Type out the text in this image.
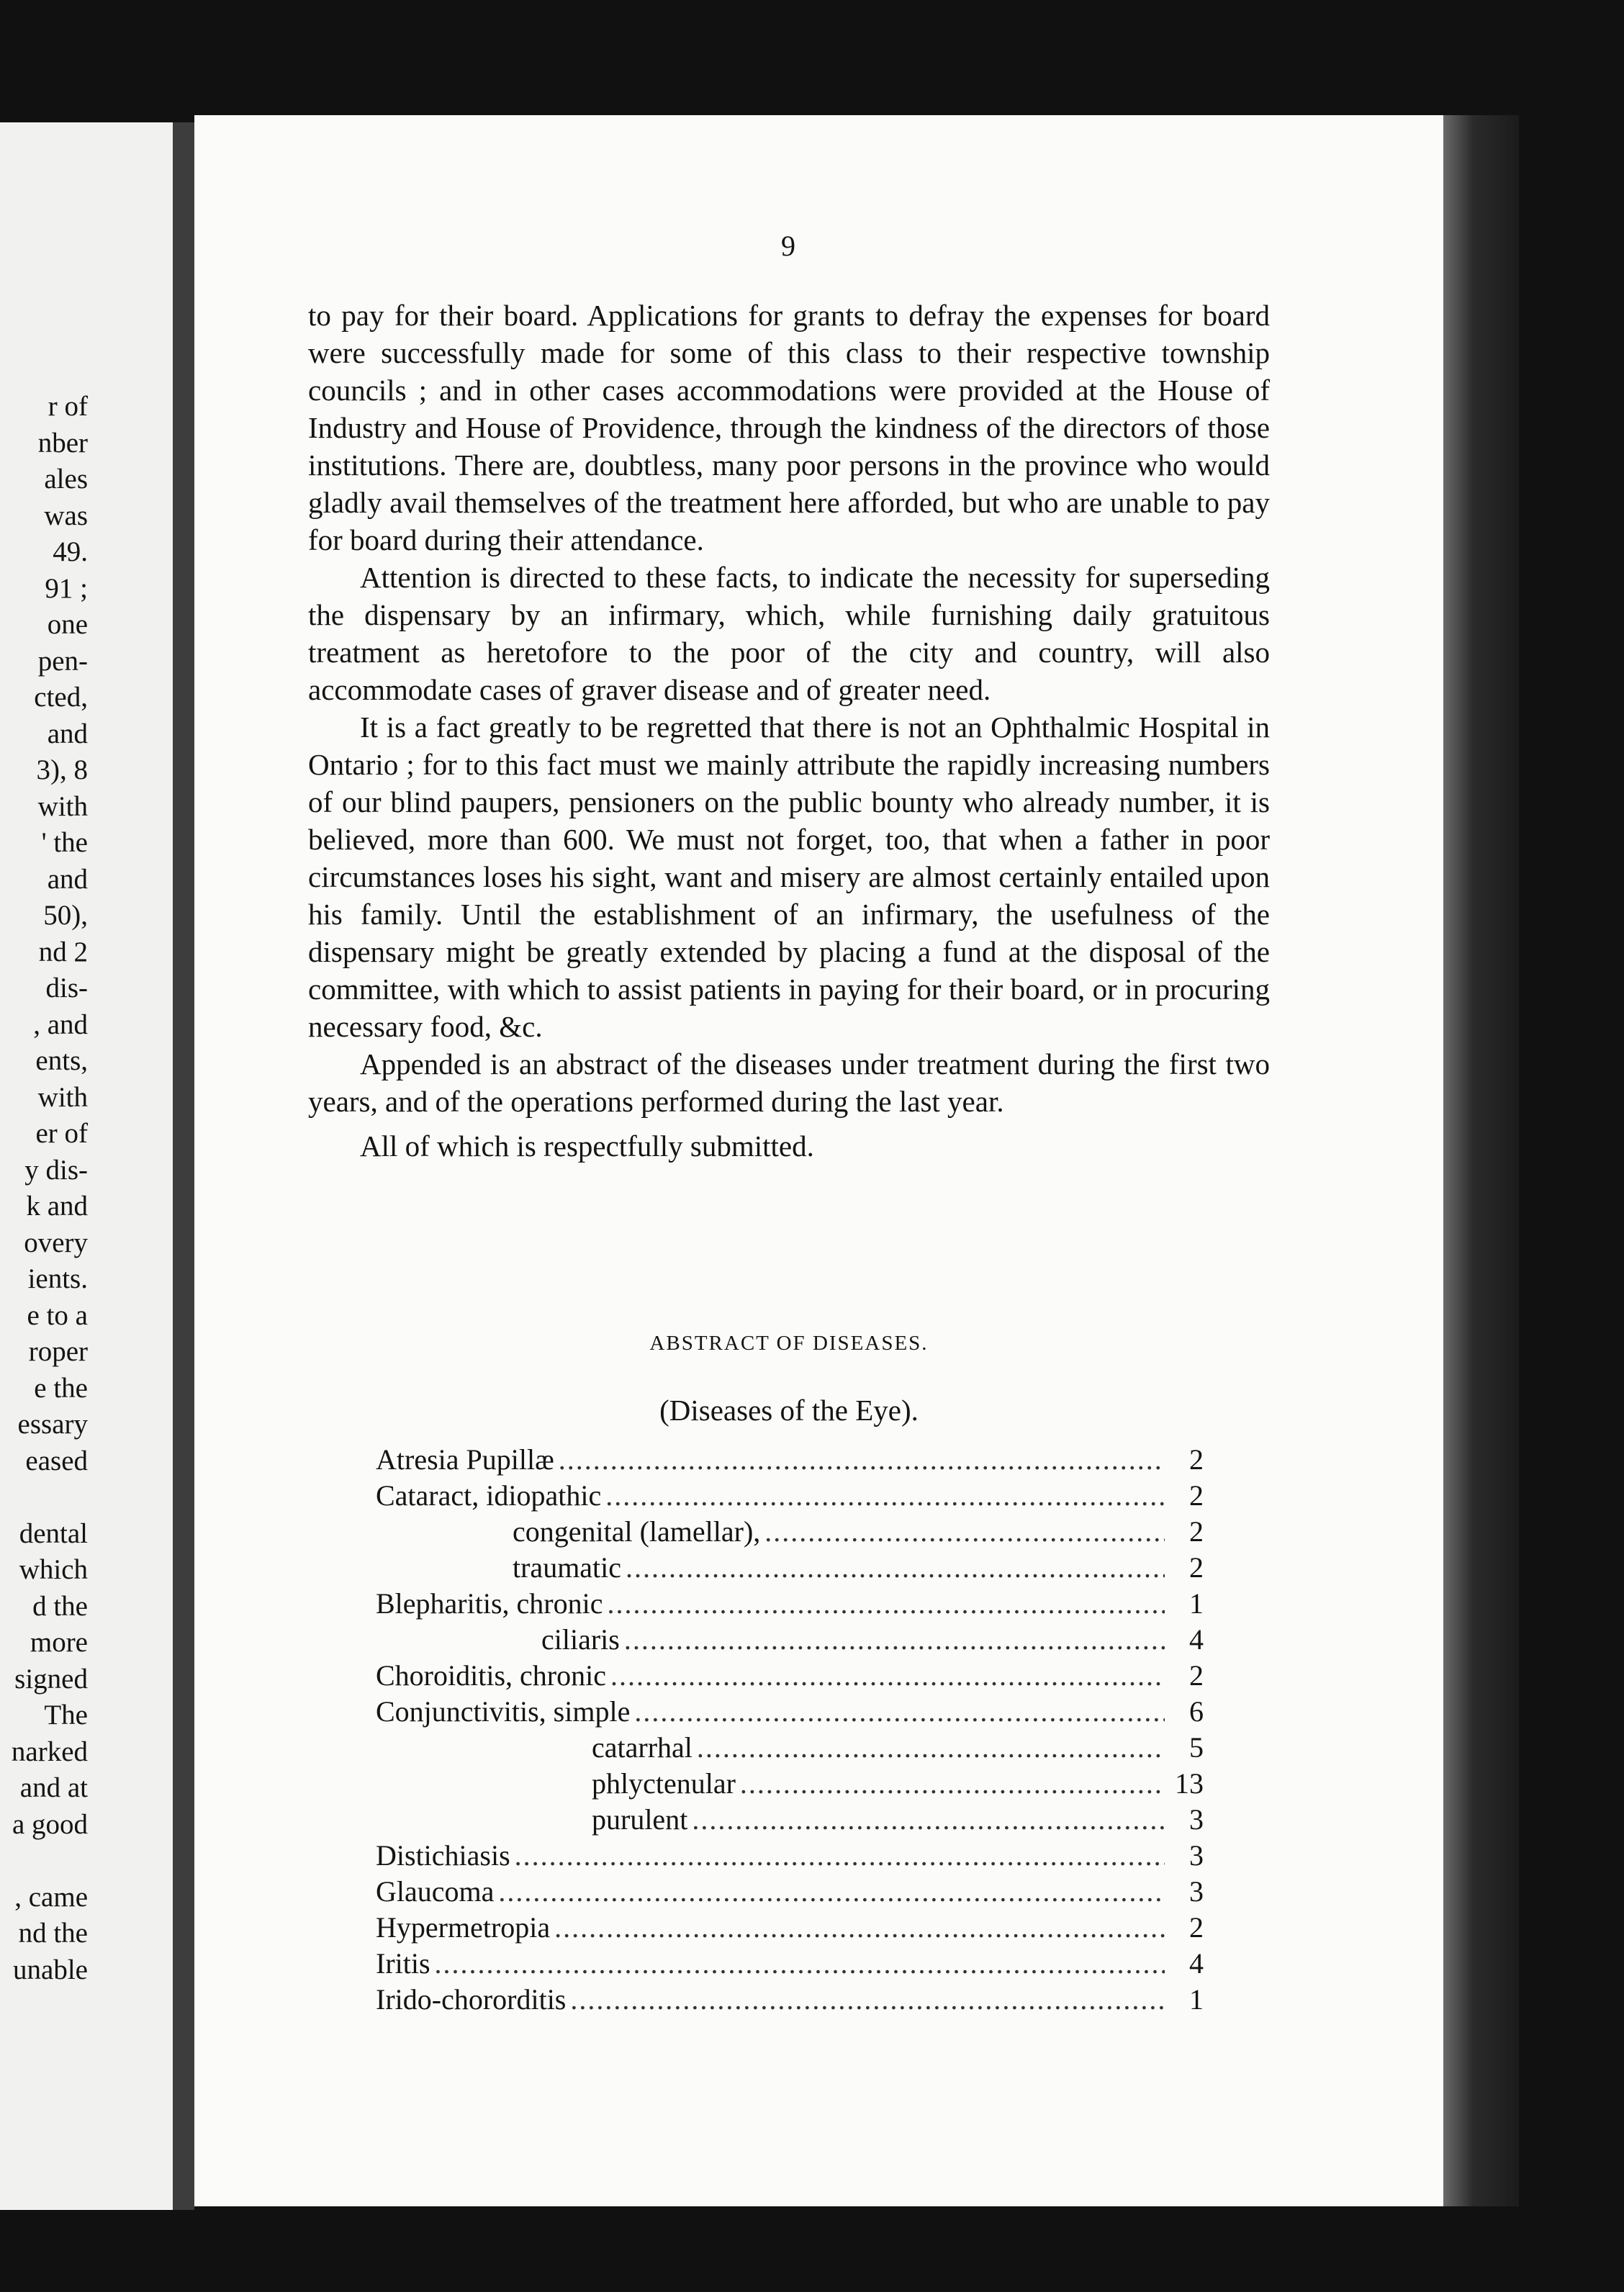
r of
nber
ales
was
49.
91 ;
one
pen-
cted,
and
3), 8
with
' the
and
50),
nd 2
dis-
, and
ents,
with
er of
y dis-
k and
overy
ients.
e to a
roper
e the
essary
eased

dental
which
d the
more
signed
The
narked
and at
a good

, came
nd the
unable
9

to pay for their board. Applications for grants to defray the expenses for board were successfully made for some of this class to their respective township councils ; and in other cases accommodations were provided at the House of Industry and House of Providence, through the kindness of the directors of those institutions. There are, doubtless, many poor persons in the province who would gladly avail themselves of the treatment here afforded, but who are unable to pay for board during their attendance.

Attention is directed to these facts, to indicate the necessity for superseding the dispensary by an infirmary, which, while furnishing daily gratuitous treatment as heretofore to the poor of the city and country, will also accommodate cases of graver disease and of greater need.

It is a fact greatly to be regretted that there is not an Ophthalmic Hospital in Ontario ; for to this fact must we mainly attribute the rapidly increasing numbers of our blind paupers, pensioners on the public bounty who already number, it is believed, more than 600. We must not forget, too, that when a father in poor circumstances loses his sight, want and misery are almost certainly entailed upon his family. Until the establishment of an infirmary, the usefulness of the dispensary might be greatly extended by placing a fund at the disposal of the committee, with which to assist patients in paying for their board, or in procuring necessary food, &c.

Appended is an abstract of the diseases under treatment during the first two years, and of the operations performed during the last year.

All of which is respectfully submitted.

ABSTRACT OF DISEASES.
(Diseases of the Eye).
Atresia Pupillæ .....	2
Cataract, idiopathic .....	2
congenital (lamellar), .....	2
traumatic .....	2
Blepharitis, chronic .....	1
ciliaris .....	4
Choroiditis, chronic .....	2
Conjunctivitis, simple .....	6
catarrhal .....	5
phlyctenular .....	13
purulent .....	3
Distichiasis .....	3
Glaucoma .....	3
Hypermetropia .....	2
Iritis .....	4
Irido-chororditis .....	1
